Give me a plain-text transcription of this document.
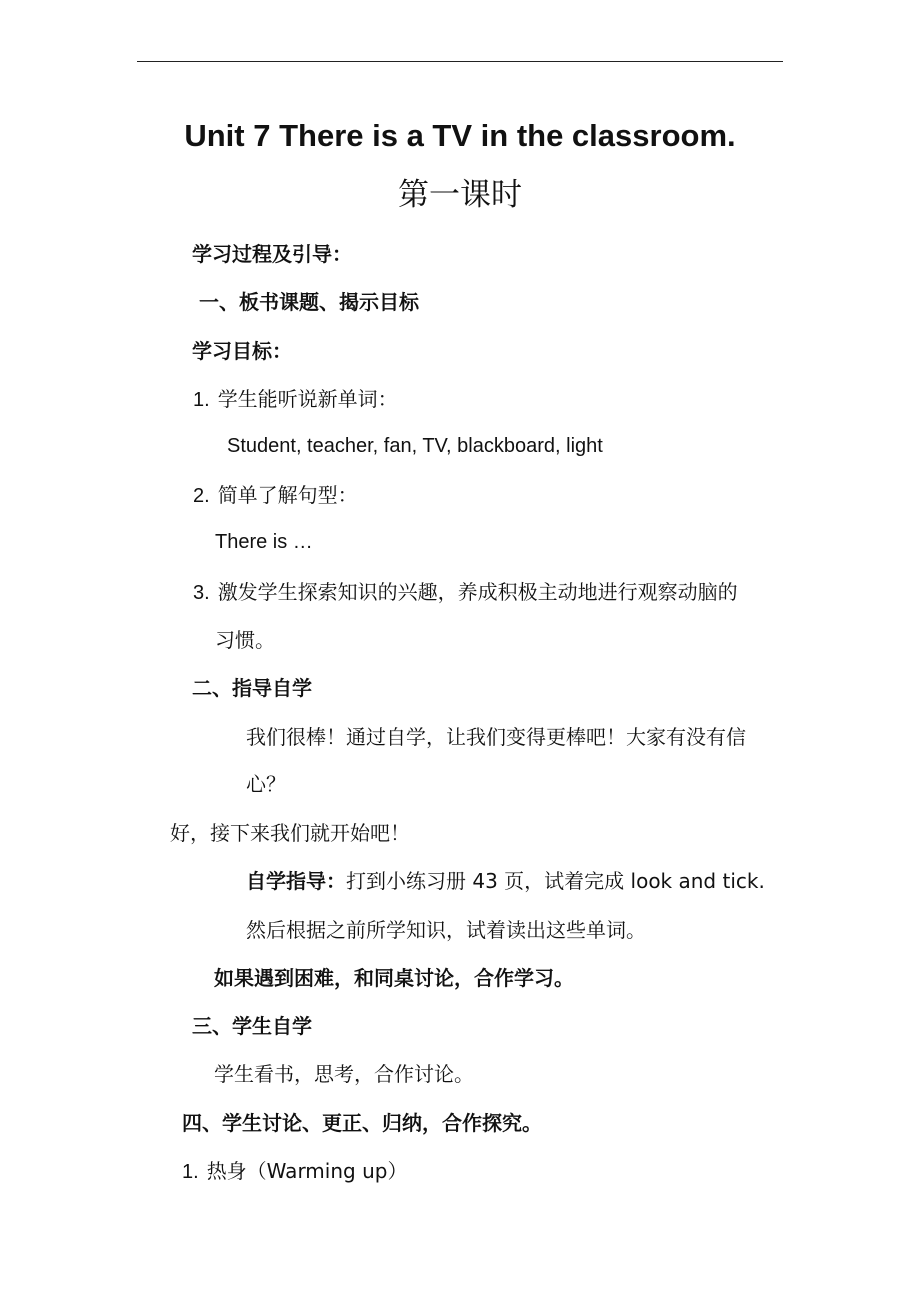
Unit 7 There is a TV in the classroom.
第一课时
学习过程及引导：
一、板书课题、揭示目标
学习目标：
1. 学生能听说新单词：
Student, teacher, fan, TV, blackboard, light
2. 简单了解句型：
There is …
3. 激发学生探索知识的兴趣，养成积极主动地进行观察动脑的
习惯。
二、指导自学
我们很棒！通过自学，让我们变得更棒吧！大家有没有信
心？
好，接下来我们就开始吧！
自学指导：打到小练习册 43 页，试着完成 look and tick.
然后根据之前所学知识，试着读出这些单词。
如果遇到困难，和同桌讨论，合作学习。
三、学生自学
学生看书，思考，合作讨论。
四、学生讨论、更正、归纳，合作探究。
1. 热身（Warming up）
